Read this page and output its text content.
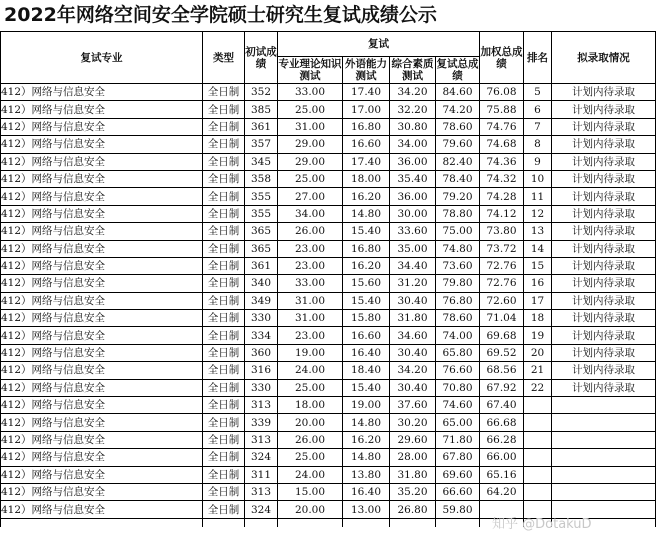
2022年网络空间安全学院硕士研究生复试成绩公示
复试专业	类型	初试成绩	复试				加权总成绩	排名	拟录取情况
			专业理论知识测试	外语能力测试	综合素质测试	复试总成绩			
412）网络与信息安全	全日制	352	33.00	17.40	34.20	84.60	76.08	5	计划内待录取
412）网络与信息安全	全日制	385	25.00	17.00	32.20	74.20	75.88	6	计划内待录取
412）网络与信息安全	全日制	361	31.00	16.80	30.80	78.60	74.76	7	计划内待录取
412）网络与信息安全	全日制	357	29.00	16.60	34.00	79.60	74.68	8	计划内待录取
412）网络与信息安全	全日制	345	29.00	17.40	36.00	82.40	74.36	9	计划内待录取
412）网络与信息安全	全日制	358	25.00	18.00	35.40	78.40	74.32	10	计划内待录取
412）网络与信息安全	全日制	355	27.00	16.20	36.00	79.20	74.28	11	计划内待录取
412）网络与信息安全	全日制	355	34.00	14.80	30.00	78.80	74.12	12	计划内待录取
412）网络与信息安全	全日制	365	26.00	15.40	33.60	75.00	73.80	13	计划内待录取
412）网络与信息安全	全日制	365	23.00	16.80	35.00	74.80	73.72	14	计划内待录取
412）网络与信息安全	全日制	361	23.00	16.20	34.40	73.60	72.76	15	计划内待录取
412）网络与信息安全	全日制	340	33.00	15.60	31.20	79.80	72.76	16	计划内待录取
412）网络与信息安全	全日制	349	31.00	15.40	30.40	76.80	72.60	17	计划内待录取
412）网络与信息安全	全日制	330	31.00	15.80	31.80	78.60	71.04	18	计划内待录取
412）网络与信息安全	全日制	334	23.00	16.60	34.60	74.00	69.68	19	计划内待录取
412）网络与信息安全	全日制	360	19.00	16.40	30.40	65.80	69.52	20	计划内待录取
412）网络与信息安全	全日制	316	24.00	18.40	34.20	76.60	68.56	21	计划内待录取
412）网络与信息安全	全日制	330	25.00	15.40	30.40	70.80	67.92	22	计划内待录取
412）网络与信息安全	全日制	313	18.00	19.00	37.60	74.60	67.40		
412）网络与信息安全	全日制	339	20.00	14.80	30.20	65.00	66.68		
412）网络与信息安全	全日制	313	26.00	16.20	29.60	71.80	66.28		
412）网络与信息安全	全日制	324	25.00	14.80	28.00	67.80	66.00		
412）网络与信息安全	全日制	311	24.00	13.80	31.80	69.60	65.16		
412）网络与信息安全	全日制	313	15.00	16.40	35.20	66.60	64.20		
412）网络与信息安全	全日制	324	20.00	13.00	26.80	59.80			

知乎 @DotakuD
